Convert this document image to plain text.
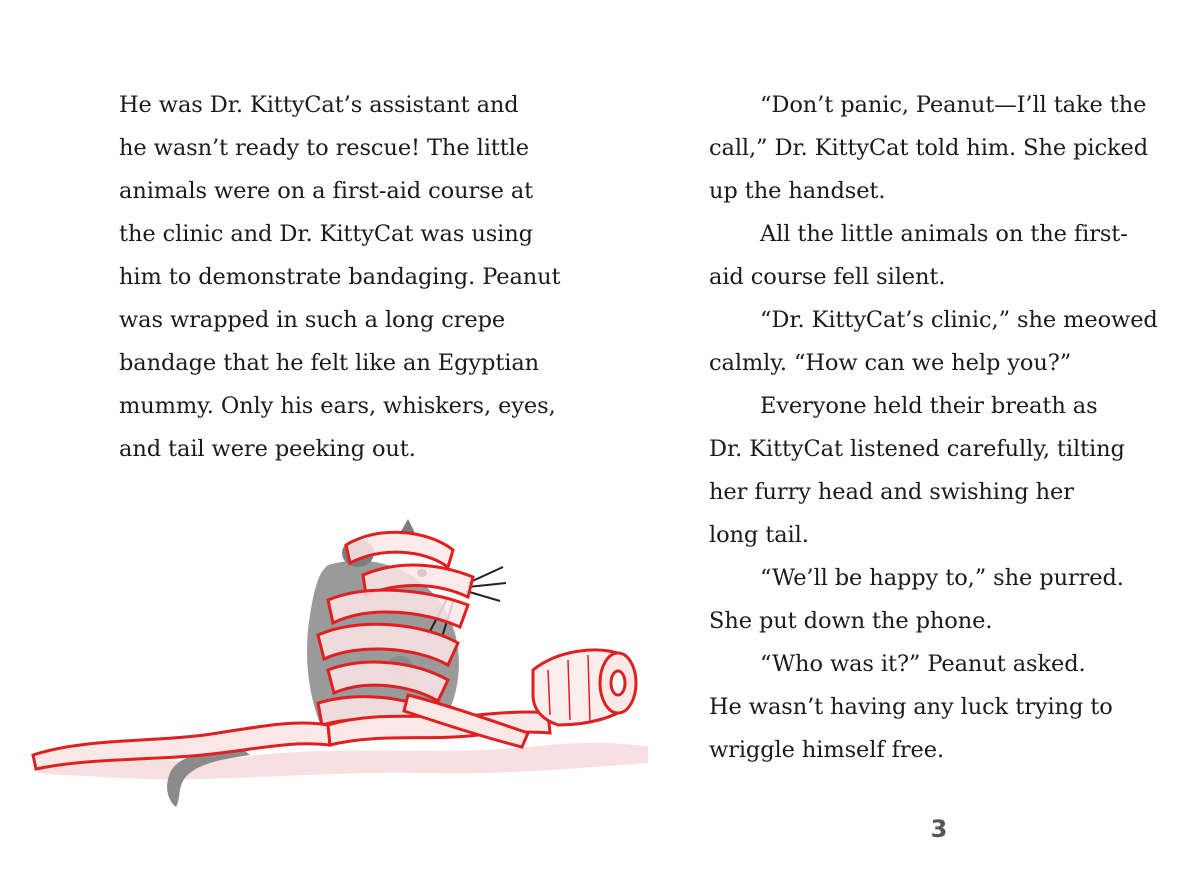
He was Dr. KittyCat’s assistant and
he wasn’t ready to rescue! The little
animals were on a first-aid course at
the clinic and Dr. KittyCat was using
him to demonstrate bandaging. Peanut
was wrapped in such a long crepe
bandage that he felt like an Egyptian
mummy. Only his ears, whiskers, eyes,
and tail were peeking out.
“Don’t panic, Peanut—I’ll take the
call,” Dr. KittyCat told him. She picked
up the handset.
All the little animals on the first-
aid course fell silent.
“Dr. KittyCat’s clinic,” she meowed
calmly. “How can we help you?”
Everyone held their breath as
Dr. KittyCat listened carefully, tilting
her furry head and swishing her
long tail.
“We’ll be happy to,” she purred.
She put down the phone.
“Who was it?” Peanut asked.
He wasn’t having any luck trying to
wriggle himself free.
3
